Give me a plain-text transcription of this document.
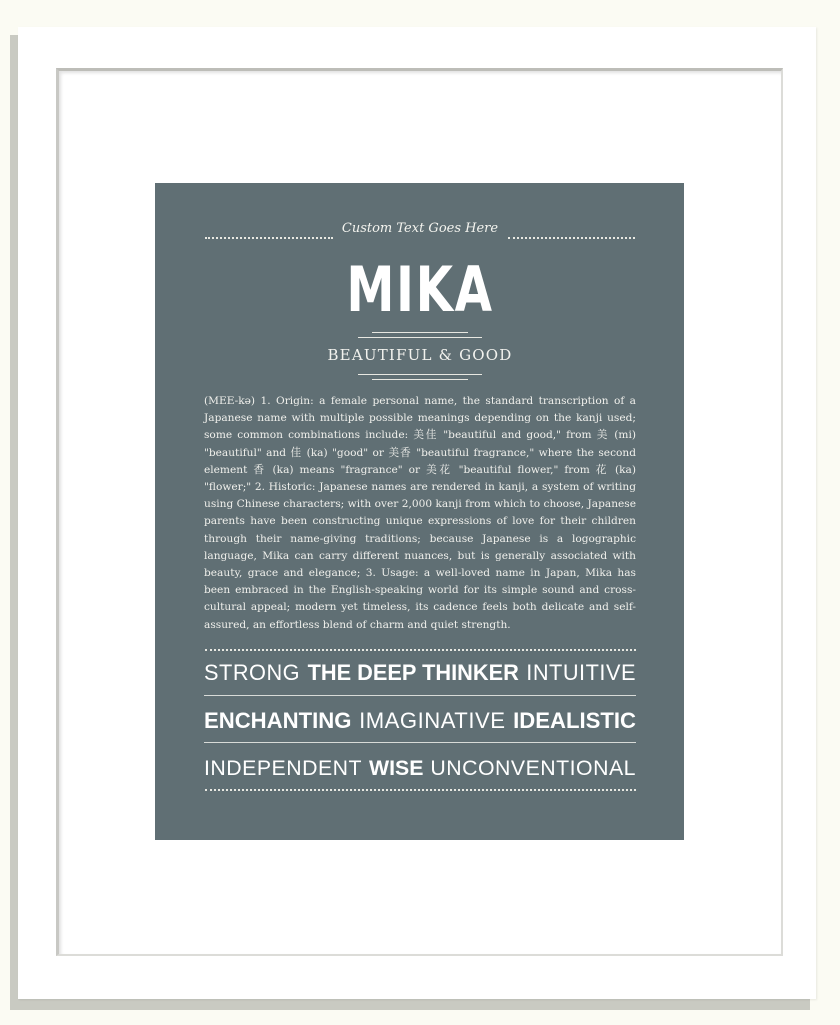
Custom Text Goes Here
MIKA
BEAUTIFUL & GOOD

(MEE-kə) 1. Origin: a female personal name, the standard transcription of a Japanese name with multiple possible meanings depending on the kanji used; some common combinations include: 美佳 "beautiful and good," from 美 (mi) "beautiful" and 佳 (ka) "good" or 美香 "beautiful fragrance," where the second element 香 (ka) means "fragrance" or 美花 "beautiful flower," from 花 (ka) "flower;" 2. Historic: Japanese names are rendered in kanji, a system of writing using Chinese characters; with over 2,000 kanji from which to choose, Japanese parents have been constructing unique expressions of love for their children through their name-giving traditions; because Japanese is a logographic language, Mika can carry different nuances, but is generally associated with beauty, grace and elegance; 3. Usage: a well-loved name in Japan, Mika has been embraced in the English-speaking world for its simple sound and cross-cultural appeal; modern yet timeless, its cadence feels both delicate and self-assured, an effortless blend of charm and quiet strength.

STRONG THE DEEP THINKER INTUITIVE
ENCHANTING IMAGINATIVE IDEALISTIC
INDEPENDENT WISE UNCONVENTIONAL
